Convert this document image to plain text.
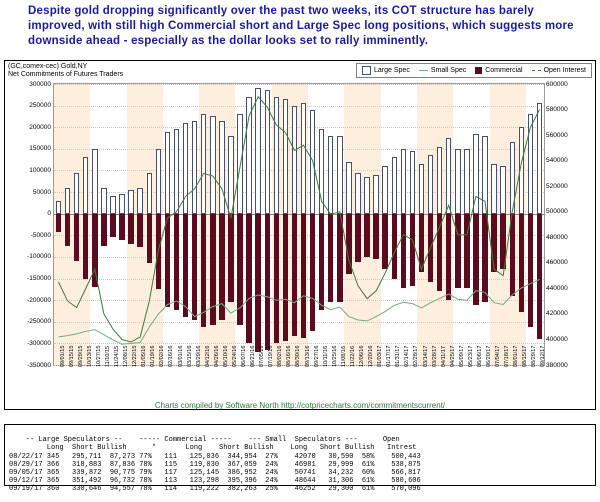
Despite gold dropping significantly over the past two weeks, its COT structure has barely improved, with still high Commercial short and Large Spec long positions, which suggests more downside ahead - especially as the dollar looks set to rally imminently.
(GC,comex-cec) Gold,NY
Net Commitments of Futures Traders
Large Spec	Small Spec	Commercial	Open Interest
300000
250000
200000
150000
100000
50000
0
-50000
-100000
-150000
-200000
-250000
-300000
-350000
600000
580000
560000
540000
520000
500000
480000
460000
440000
420000
400000
380000
09/01/15 09/15/15 09/29/15 10/13/15 10/27/15 11/10/15 11/24/15 12/08/15 12/22/15 01/05/16 01/19/16 02/02/16 02/16/16 03/01/16 03/15/16 03/29/16 04/12/16 04/26/16 05/10/16 05/24/16 06/07/16 06/21/16 07/05/16 07/19/16 08/02/16 08/16/16 08/30/16 09/13/16 09/27/16 10/11/16 10/25/16 11/08/16 11/22/16 12/06/16 12/20/16 01/03/17 01/17/17 01/31/17 02/14/17 02/28/17 03/14/17 03/28/17 04/11/17 04/25/17 05/09/17 05/23/17 06/06/17 06/20/17 07/04/17 07/18/17 08/01/17 08/15/17 08/29/17 09/12/17
Charts compiled by Software North http://cotpricecharts.com/commitmentscurrent/

-- Large Speculators --    ----- Commercial -----    --- Small  Speculators ---      Open
Long  Short Bullish      *       Long    Short Bullish    Long   Short Bullish   Intrest
08/22/17 345   295,711  87,273 77%   111   125,036  344,954  27%    42070   30,590  58%    500,443
08/29/17 366   318,883  87,836 78%   115   119,030  367,059  24%    46981   29,999  61%    538,875
09/05/17 365   339,872  90,775 79%   117   125,145  386,952  24%    50741   34,232  60%    566,817
09/12/17 365   351,492  96,732 78%   113   123,298  395,396  24%    48644   31,306  61%    580,606
09/19/17 360   330,646  94,557 78%   114   119,222  382,263  25%    46252   29,300  61%    570,096
